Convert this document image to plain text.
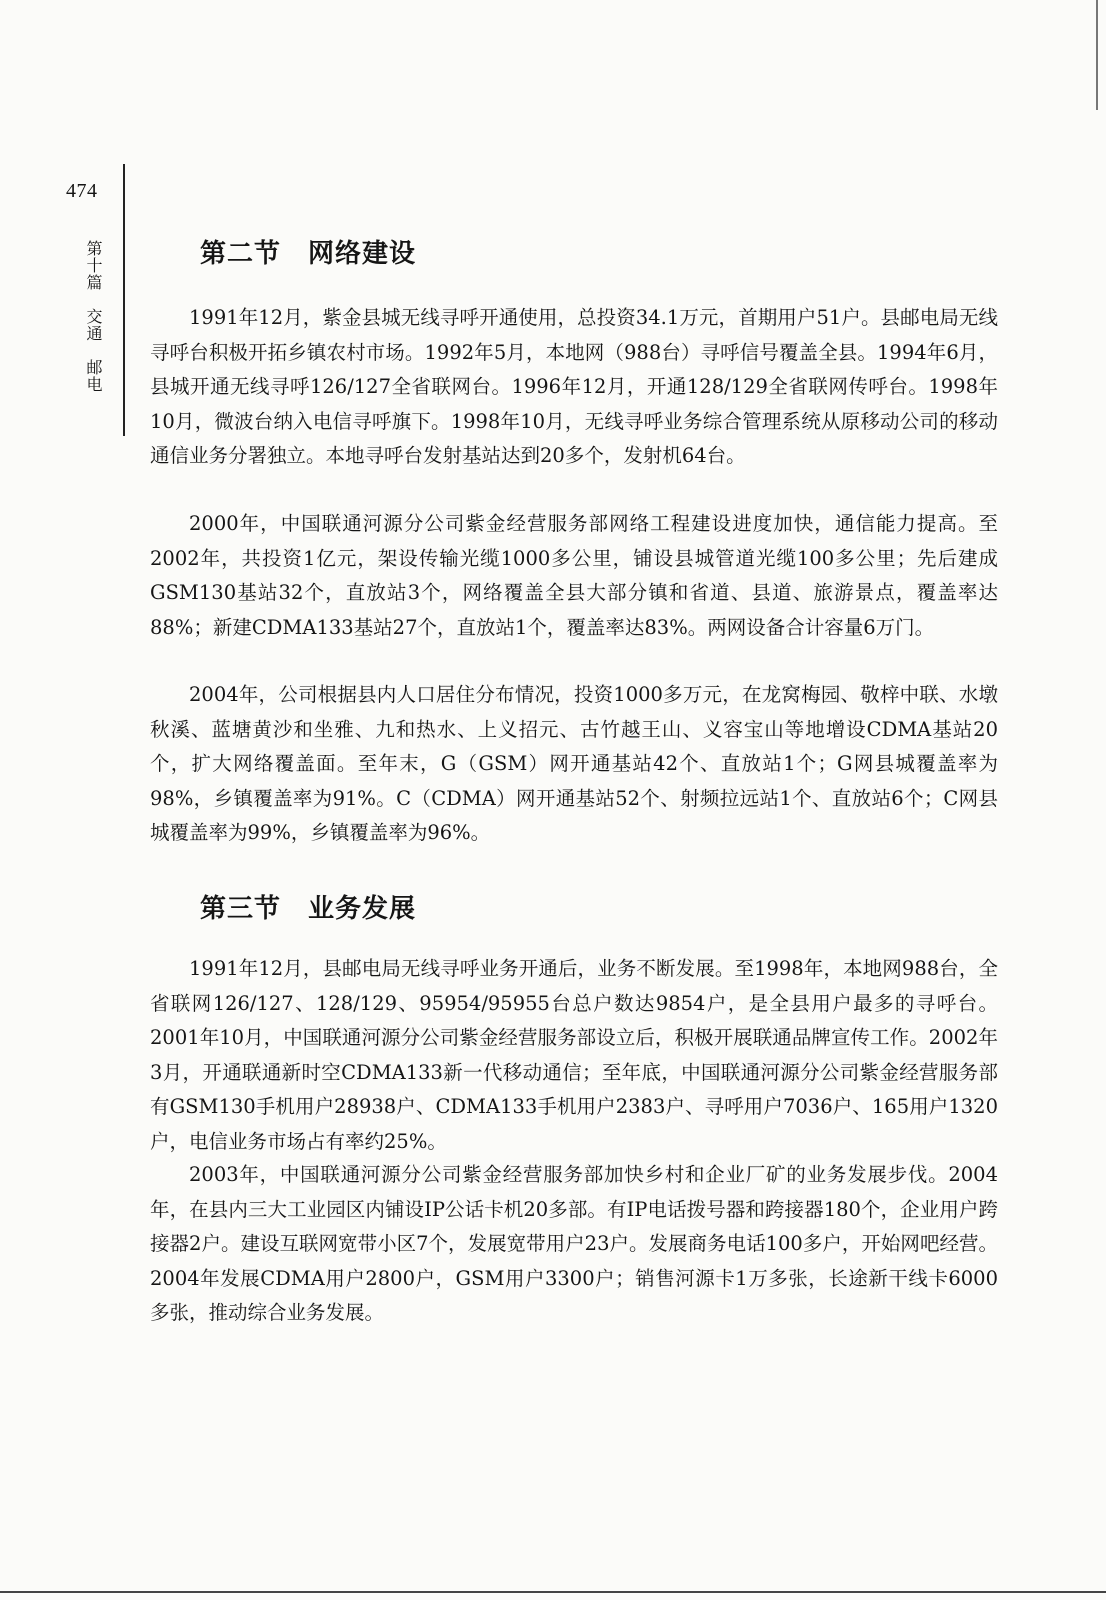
474
第十篇　交通　邮电	第二节　网络建设

1991年12月，紫金县城无线寻呼开通使用，总投资34.1万元，首期用户51户。县邮电局无线寻呼台积极开拓乡镇农村市场。1992年5月，本地网（988台）寻呼信号覆盖全县。1994年6月，县城开通无线寻呼126/127全省联网台。1996年12月，开通128/129全省联网传呼台。1998年10月，微波台纳入电信寻呼旗下。1998年10月，无线寻呼业务综合管理系统从原移动公司的移动通信业务分署独立。本地寻呼台发射基站达到20多个，发射机64台。

2000年，中国联通河源分公司紫金经营服务部网络工程建设进度加快，通信能力提高。至2002年，共投资1亿元，架设传输光缆1000多公里，铺设县城管道光缆100多公里；先后建成GSM130基站32个，直放站3个，网络覆盖全县大部分镇和省道、县道、旅游景点，覆盖率达88%；新建CDMA133基站27个，直放站1个，覆盖率达83%。两网设备合计容量6万门。

2004年，公司根据县内人口居住分布情况，投资1000多万元，在龙窝梅园、敬梓中联、水墩秋溪、蓝塘黄沙和坐雅、九和热水、上义招元、古竹越王山、义容宝山等地增设CDMA基站20个，扩大网络覆盖面。至年末，G（GSM）网开通基站42个、直放站1个；G网县城覆盖率为98%，乡镇覆盖率为91%。C（CDMA）网开通基站52个、射频拉远站1个、直放站6个；C网县城覆盖率为99%，乡镇覆盖率为96%。

第三节　业务发展

1991年12月，县邮电局无线寻呼业务开通后，业务不断发展。至1998年，本地网988台，全省联网126/127、128/129、95954/95955台总户数达9854户，是全县用户最多的寻呼台。2001年10月，中国联通河源分公司紫金经营服务部设立后，积极开展联通品牌宣传工作。2002年3月，开通联通新时空CDMA133新一代移动通信；至年底，中国联通河源分公司紫金经营服务部有GSM130手机用户28938户、CDMA133手机用户2383户、寻呼用户7036户、165用户1320户，电信业务市场占有率约25%。

2003年，中国联通河源分公司紫金经营服务部加快乡村和企业厂矿的业务发展步伐。2004年，在县内三大工业园区内铺设IP公话卡机20多部。有IP电话拨号器和跨接器180个，企业用户跨接器2户。建设互联网宽带小区7个，发展宽带用户23户。发展商务电话100多户，开始网吧经营。2004年发展CDMA用户2800户，GSM用户3300户；销售河源卡1万多张，长途新干线卡6000多张，推动综合业务发展。
